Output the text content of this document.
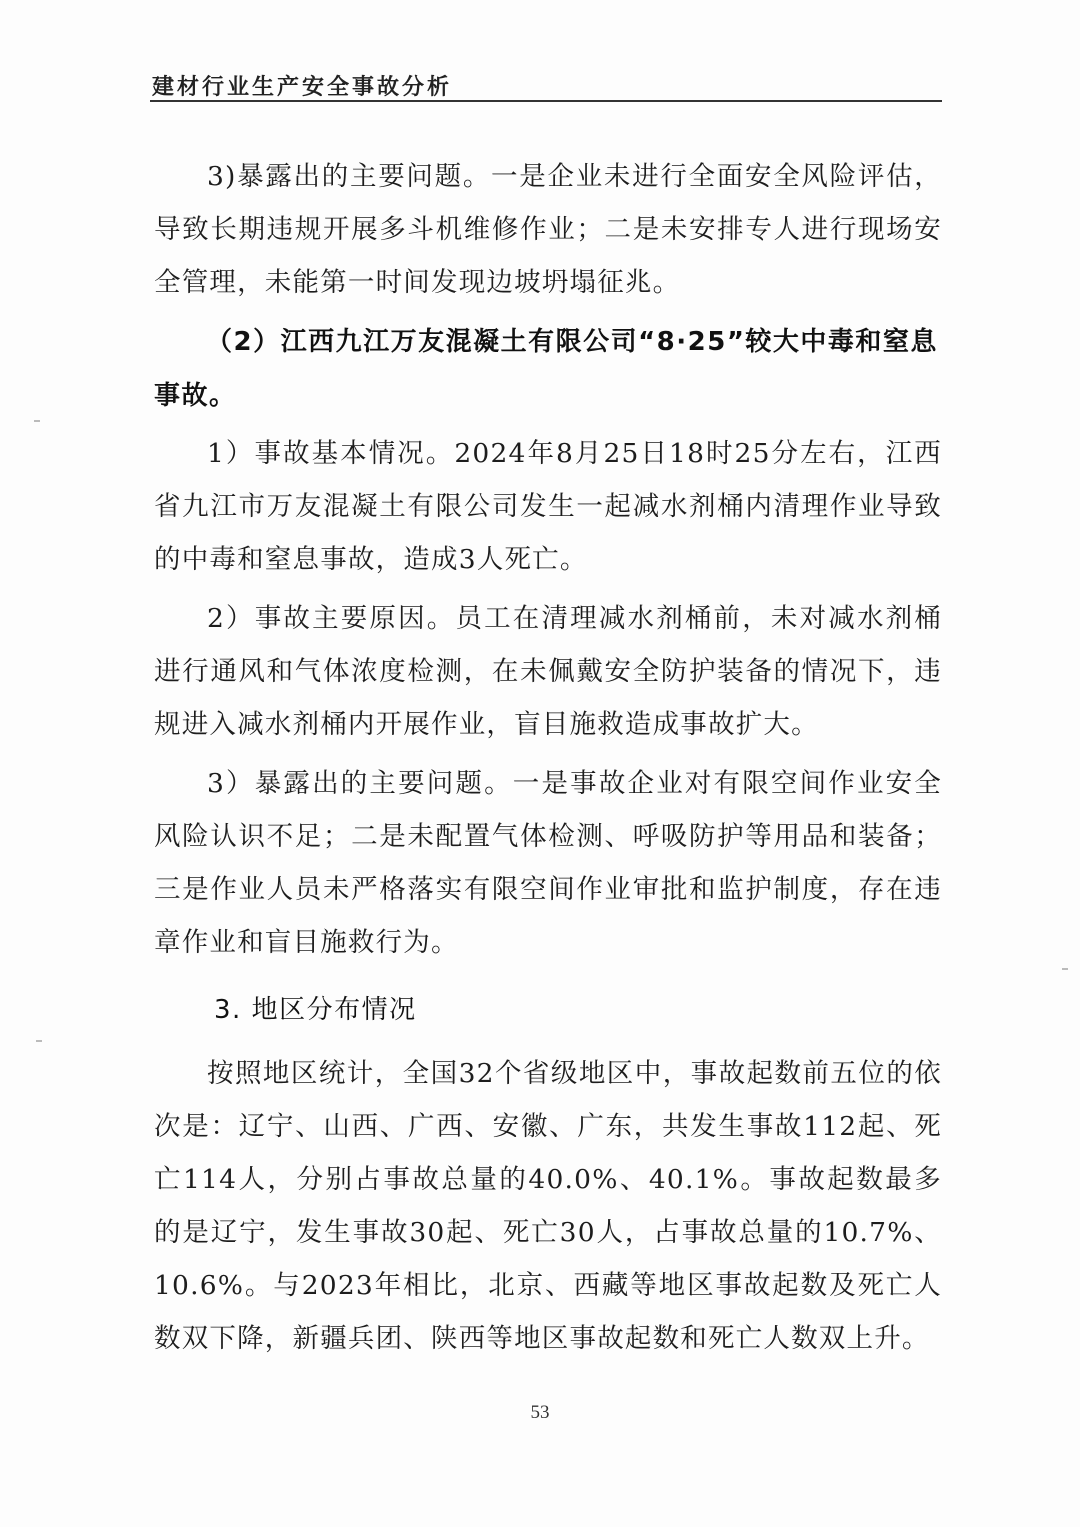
建材行业生产安全事故分析

3)暴露出的主要问题。一是企业未进行全面安全风险评估，导致长期违规开展多斗机维修作业；二是未安排专人进行现场安全管理，未能第一时间发现边坡坍塌征兆。

（2）江西九江万友混凝土有限公司“8·25”较大中毒和窒息事故。

1）事故基本情况。2024年8月25日18时25分左右，江西省九江市万友混凝土有限公司发生一起减水剂桶内清理作业导致的中毒和窒息事故，造成3人死亡。

2）事故主要原因。员工在清理减水剂桶前，未对减水剂桶进行通风和气体浓度检测，在未佩戴安全防护装备的情况下，违规进入减水剂桶内开展作业，盲目施救造成事故扩大。

3）暴露出的主要问题。一是事故企业对有限空间作业安全风险认识不足；二是未配置气体检测、呼吸防护等用品和装备；三是作业人员未严格落实有限空间作业审批和监护制度，存在违章作业和盲目施救行为。

3. 地区分布情况

按照地区统计，全国32个省级地区中，事故起数前五位的依次是：辽宁、山西、广西、安徽、广东，共发生事故112起、死亡114人，分别占事故总量的40.0%、40.1%。事故起数最多的是辽宁，发生事故30起、死亡30人，占事故总量的10.7%、10.6%。与2023年相比，北京、西藏等地区事故起数及死亡人数双下降，新疆兵团、陕西等地区事故起数和死亡人数双上升。

53
